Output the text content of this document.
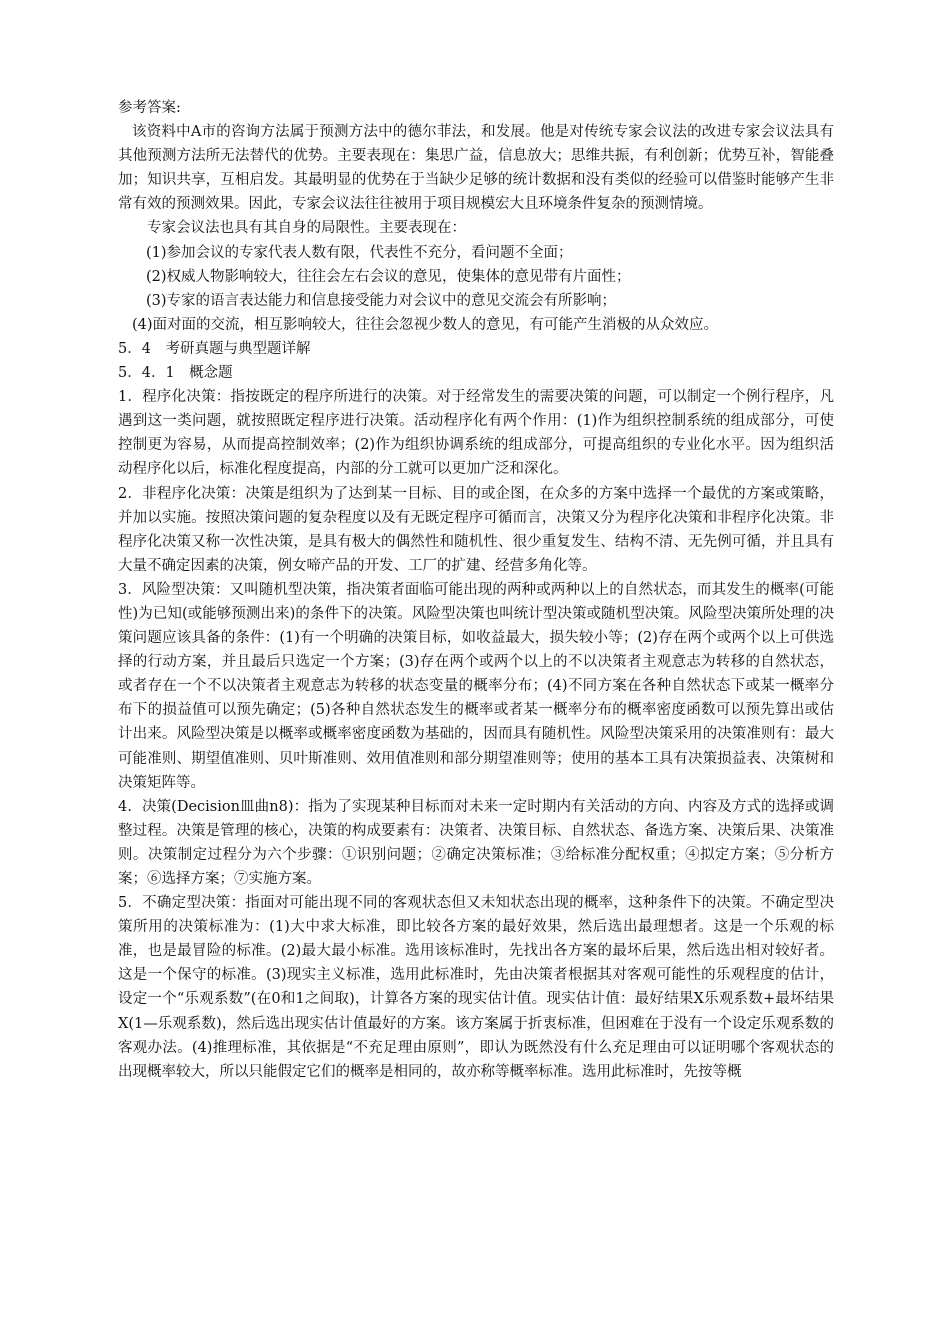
参考答案:

该资料中A市的咨询方法属于预测方法中的德尔菲法，和发展。他是对传统专家会议法的改进专家会议法具有其他预测方法所无法替代的优势。主要表现在：集思广益，信息放大；思维共振，有利创新；优势互补，智能叠加；知识共享，互相启发。其最明显的优势在于当缺少足够的统计数据和没有类似的经验可以借鉴时能够产生非常有效的预测效果。因此，专家会议法往往被用于项目规模宏大且环境条件复杂的预测情境。

专家会议法也具有其自身的局限性。主要表现在：

(1)参加会议的专家代表人数有限，代表性不充分，看问题不全面；

(2)权威人物影响较大，往往会左右会议的意见，使集体的意见带有片面性；

(3)专家的语言表达能力和信息接受能力对会议中的意见交流会有所影响；

(4)面对面的交流，相互影响较大，往往会忽视少数人的意见，有可能产生消极的从众效应。

5．4　考研真题与典型题详解

5．4．1　概念题

1．程序化决策：指按既定的程序所进行的决策。对于经常发生的需要决策的问题，可以制定一个例行程序，凡遇到这一类问题，就按照既定程序进行决策。活动程序化有两个作用：(1)作为组织控制系统的组成部分，可使控制更为容易，从而提高控制效率；(2)作为组织协调系统的组成部分，可提高组织的专业化水平。因为组织活动程序化以后，标准化程度提高，内部的分工就可以更加广泛和深化。

2．非程序化决策：决策是组织为了达到某一目标、目的或企图，在众多的方案中选择一个最优的方案或策略，并加以实施。按照决策问题的复杂程度以及有无既定程序可循而言，决策又分为程序化决策和非程序化决策。非程序化决策又称一次性决策，是具有极大的偶然性和随机性、很少重复发生、结构不清、无先例可循，并且具有大量不确定因素的决策，例女啼产品的开发、工厂的扩建、经营多角化等。

3．风险型决策：又叫随机型决策，指决策者面临可能出现的两种或两种以上的自然状态，而其发生的概率(可能性)为已知(或能够预测出来)的条件下的决策。风险型决策也叫统计型决策或随机型决策。风险型决策所处理的决策问题应该具备的条件：(1)有一个明确的决策目标，如收益最大，损失较小等；(2)存在两个或两个以上可供选择的行动方案，并且最后只选定一个方案；(3)存在两个或两个以上的不以决策者主观意志为转移的自然状态，或者存在一个不以决策者主观意志为转移的状态变量的概率分布；(4)不同方案在各种自然状态下或某一概率分布下的损益值可以预先确定；(5)各种自然状态发生的概率或者某一概率分布的概率密度函数可以预先算出或估计出来。风险型决策是以概率或概率密度函数为基础的，因而具有随机性。风险型决策采用的决策准则有：最大可能准则、期望值准则、贝叶斯准则、效用值准则和部分期望准则等；使用的基本工具有决策损益表、决策树和决策矩阵等。

4．决策(Decision皿曲n8)：指为了实现某种目标而对未来一定时期内有关活动的方向、内容及方式的选择或调整过程。决策是管理的核心，决策的构成要素有：决策者、决策目标、自然状态、备选方案、决策后果、决策准则。决策制定过程分为六个步骤：①识别问题；②确定决策标准；③给标准分配权重；④拟定方案；⑤分析方案；⑥选择方案；⑦实施方案。

5．不确定型决策：指面对可能出现不同的客观状态但又未知状态出现的概率，这种条件下的决策。不确定型决策所用的决策标准为：(1)大中求大标准，即比较各方案的最好效果，然后选出最理想者。这是一个乐观的标准，也是最冒险的标准。(2)最大最小标准。选用该标准时，先找出各方案的最坏后果，然后选出相对较好者。这是一个保守的标准。(3)现实主义标准，选用此标准时，先由决策者根据其对客观可能性的乐观程度的估计，设定一个“乐观系数”(在0和1之间取)，计算各方案的现实估计值。现实估计值：最好结果X乐观系数+最坏结果X(1—乐观系数)，然后选出现实估计值最好的方案。该方案属于折衷标准，但困难在于没有一个设定乐观系数的客观办法。(4)推理标准，其依据是“不充足理由原则”，即认为既然没有什么充足理由可以证明哪个客观状态的出现概率较大，所以只能假定它们的概率是相同的，故亦称等概率标准。选用此标准时，先按等概
